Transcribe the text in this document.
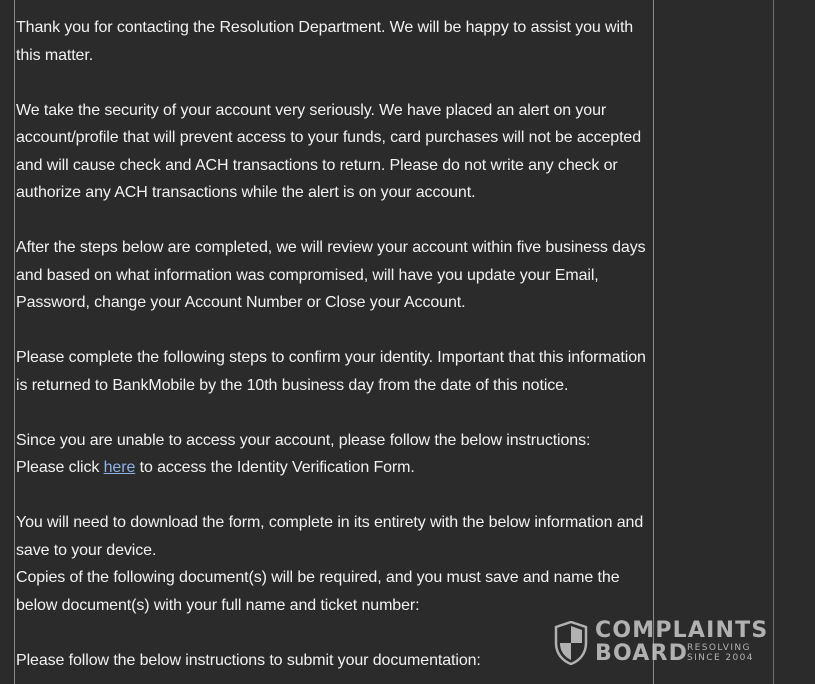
Thank you for contacting the Resolution Department. We will be happy to assist you with this matter.

We take the security of your account very seriously. We have placed an alert on your account/profile that will prevent access to your funds, card purchases will not be accepted and will cause check and ACH transactions to return. Please do not write any check or authorize any ACH transactions while the alert is on your account.

After the steps below are completed, we will review your account within five business days and based on what information was compromised, will have you update your Email, Password, change your Account Number or Close your Account.

Please complete the following steps to confirm your identity. Important that this information is returned to BankMobile by the 10th business day from the date of this notice.

Since you are unable to access your account, please follow the below instructions:
Please click here to access the Identity Verification Form.

You will need to download the form, complete in its entirety with the below information and save to your device.
Copies of the following document(s) will be required, and you must save and name the below document(s) with your full name and ticket number:

Please follow the below instructions to submit your documentation:

COMPLAINTS
BOARD
RESOLVING
SINCE 2004
